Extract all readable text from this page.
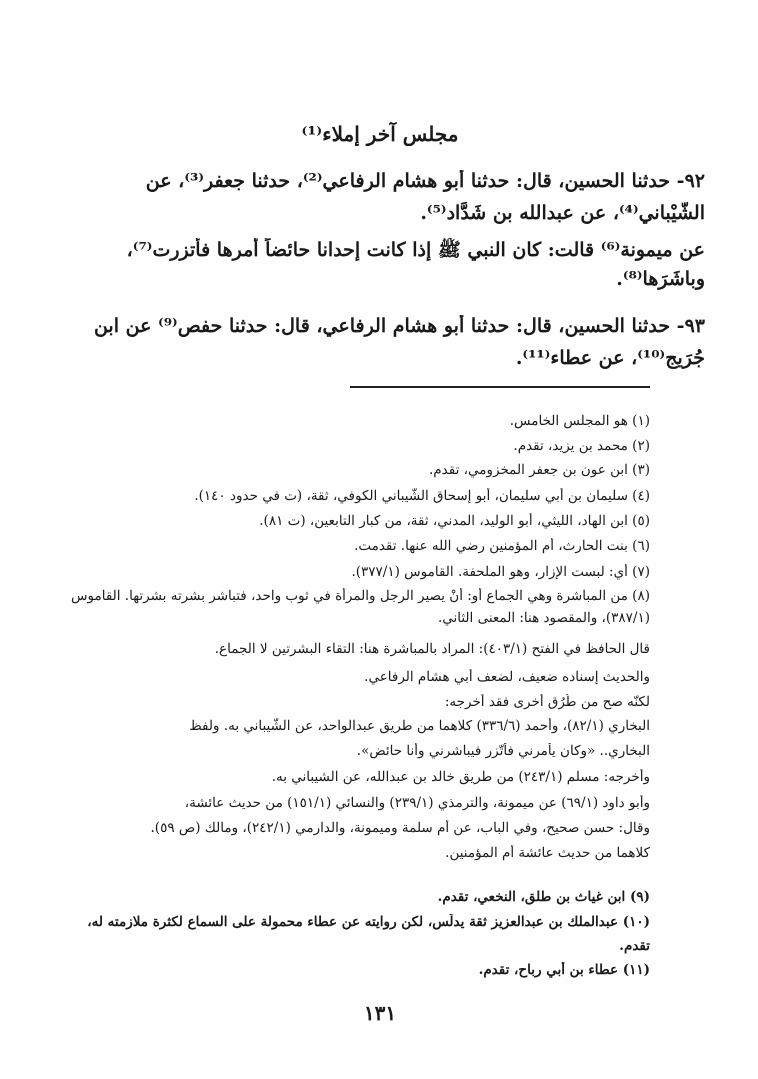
مجلس آخر إملاء⁽¹⁾
٩٢- حدثنا الحسين، قال: حدثنا أبو هشام الرفاعي⁽²⁾، حدثنا جعفر⁽³⁾، عن
الشَّيْباني⁽⁴⁾، عن عبدالله بن شَدَّاد⁽⁵⁾.
عن ميمونة⁽⁶⁾ قالت: كان النبي ﷺ إذا كانت إحدانا حائضاً أمرها فأتزرت⁽⁷⁾،
وباشَرَها⁽⁸⁾.
٩٣- حدثنا الحسين، قال: حدثنا أبو هشام الرفاعي، قال: حدثنا حفص⁽⁹⁾ عن ابن
جُرَيج⁽¹⁰⁾، عن عطاء⁽¹¹⁾.
(١) هو المجلس الخامس.
(٢) محمد بن يزيد، تقدم.
(٣) ابن عون بن جعفر المخزومي، تقدم.
(٤) سليمان بن أبي سليمان، أبو إسحاق الشَّيباني الكوفي، ثقة، (ت في حدود ١٤٠).
(٥) ابن الهاد، الليثي، أبو الوليد، المدني، ثقة، من كبار التابعين، (ت ٨١).
(٦) بنت الحارث، أم المؤمنين رضي الله عنها. تقدمت.
(٧) أي: لبست الإزار، وهو الملحفة. القاموس (٣٧٧/١).
(٨) من المباشرة وهي الجماع أو: أنْ يصير الرجل والمرأة في ثوب واحد، فتباشر بشرته بشرتها. القاموس
(٣٨٧/١)، والمقصود هنا: المعنى الثاني.
قال الحافظ في الفتح (٤٠٣/١): المراد بالمباشرة هنا: التقاء البشرتين لا الجماع.
والحديث إسناده ضعيف، لضعف أبي هشام الرفاعي.
لكنّه صح من طُرُق أخرى فقد أخرجه:
البخاري (٨٢/١)، وأحمد (٣٣٦/٦) كلاهما من طريق عبدالواحد، عن الشَّيباني به. ولفظ
البخاري.. «وكان يأمرني فأتّزر فيباشرني وأنا حائض».
وأخرجه: مسلم (٢٤٣/١) من طريق خالد بن عبدالله، عن الشيباني به.
وأبو داود (٦٩/١) عن ميمونة، والترمذي (٢٣٩/١) والنسائي (١٥١/١) من حديث عائشة،
وقال: حسن صحيح، وفي الباب، عن أم سلمة وميمونة، والدارمي (٢٤٢/١)، ومالك (ص ٥٩).
كلاهما من حديث عائشة أم المؤمنين.
(٩) ابن غياث بن طلق، النخعي، تقدم.
(١٠) عبدالملك بن عبدالعزيز ثقة يدلّس، لكن روايته عن عطاء محمولة على السماع لكثرة ملازمته له،
تقدم.
(١١) عطاء بن أبي رباح، تقدم.
١٣١
